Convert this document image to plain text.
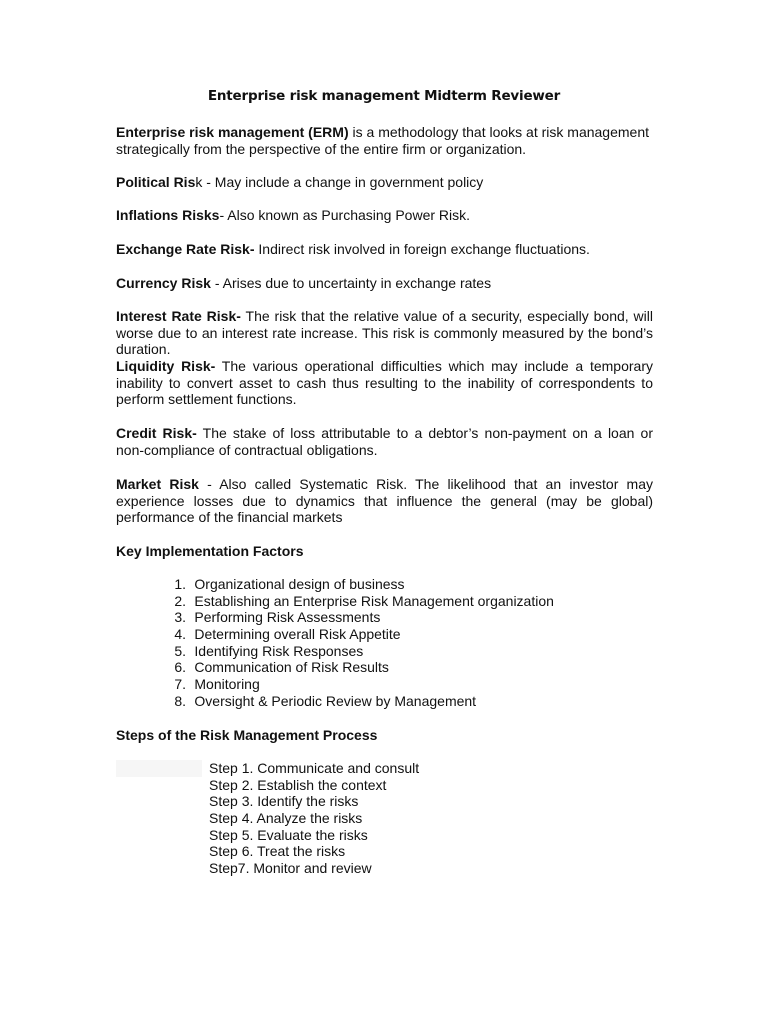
Enterprise risk management Midterm Reviewer
Enterprise risk management (ERM) is a methodology that looks at risk management strategically from the perspective of the entire firm or organization.
Political Risk - May include a change in government policy
Inflations Risks- Also known as Purchasing Power Risk.
Exchange Rate Risk- Indirect risk involved in foreign exchange fluctuations.
Currency Risk - Arises due to uncertainty in exchange rates
Interest Rate Risk- The risk that the relative value of a security, especially bond, will worse due to an interest rate increase. This risk is commonly measured by the bond’s duration.
Liquidity Risk- The various operational difficulties which may include a temporary inability to convert asset to cash thus resulting to the inability of correspondents to perform settlement functions.
Credit Risk- The stake of loss attributable to a debtor’s non-payment on a loan or non-compliance of contractual obligations.
Market Risk - Also called Systematic Risk. The likelihood that an investor may experience losses due to dynamics that influence the general (may be global) performance of the financial markets
Key Implementation Factors
1. Organizational design of business
2. Establishing an Enterprise Risk Management organization
3. Performing Risk Assessments
4. Determining overall Risk Appetite
5. Identifying Risk Responses
6. Communication of Risk Results
7. Monitoring
8. Oversight & Periodic Review by Management
Steps of the Risk Management Process
Step 1. Communicate and consult
Step 2. Establish the context
Step 3. Identify the risks
Step 4. Analyze the risks
Step 5. Evaluate the risks
Step 6. Treat the risks
Step7. Monitor and review
